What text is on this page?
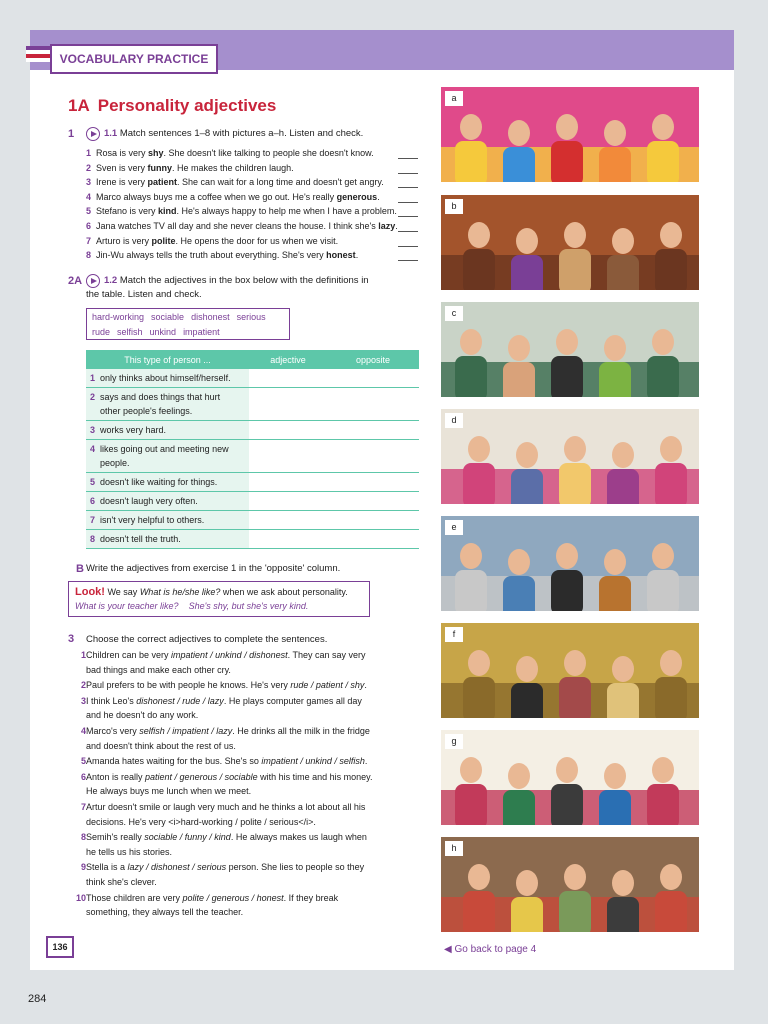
VOCABULARY PRACTICE
1A Personality adjectives
1	1.1 Match sentences 1–8 with pictures a–h. Listen and check.
1 Rosa is very shy. She doesn't like talking to people she doesn't know.
2 Sven is very funny. He makes the children laugh.
3 Irene is very patient. She can wait for a long time and doesn't get angry.
4 Marco always buys me a coffee when we go out. He's really generous.
5 Stefano is very kind. He's always happy to help me when I have a problem.
6 Jana watches TV all day and she never cleans the house. I think she's lazy.
7 Arturo is very polite. He opens the door for us when we visit.
8 Jin-Wu always tells the truth about everything. She's very honest.
2A 1.2 Match the adjectives in the box below with the definitions in
the table. Listen and check.
hard-working sociable dishonest serious
rude selfish unkind impatient
This type of person ...	adjective	opposite
1 only thinks about himself/herself.		
2 says and does things that hurt other people's feelings.		
3 works very hard.		
4 likes going out and meeting new people.		
5 doesn't like waiting for things.		
6 doesn't laugh very often.		
7 isn't very helpful to others.		
8 doesn't tell the truth.		
B Write the adjectives from exercise 1 in the 'opposite' column.
Look! We say What is he/she like? when we ask about personality.
What is your teacher like? She's shy, but she's very kind.
3 Choose the correct adjectives to complete the sentences.
1 Children can be very impatient / unkind / dishonest. They can say very
bad things and make each other cry.
2 Paul prefers to be with people he knows. He's very rude / patient / shy.
3 I think Leo's dishonest / rude / lazy. He plays computer games all day
and he doesn't do any work.
4 Marco's very selfish / impatient / lazy. He drinks all the milk in the fridge
and doesn't think about the rest of us.
5 Amanda hates waiting for the bus. She's so impatient / unkind / selfish.
6 Anton is really patient / generous / sociable with his time and his money.
He always buys me lunch when we meet.
7 Artur doesn't smile or laugh very much and he thinks a lot about all his
decisions. He's very <i>hard-working / polite / serious</i>.
8 Semih's really sociable / funny / kind. He always makes us laugh when
he tells us his stories.
9 Stella is a lazy / dishonest / serious person. She lies to people so they
think she's clever.
10 Those children are very polite / generous / honest. If they break
something, they always tell the teacher.
a
b
c
d
e
f
g
h
136	◀ Go back to page 4
284
